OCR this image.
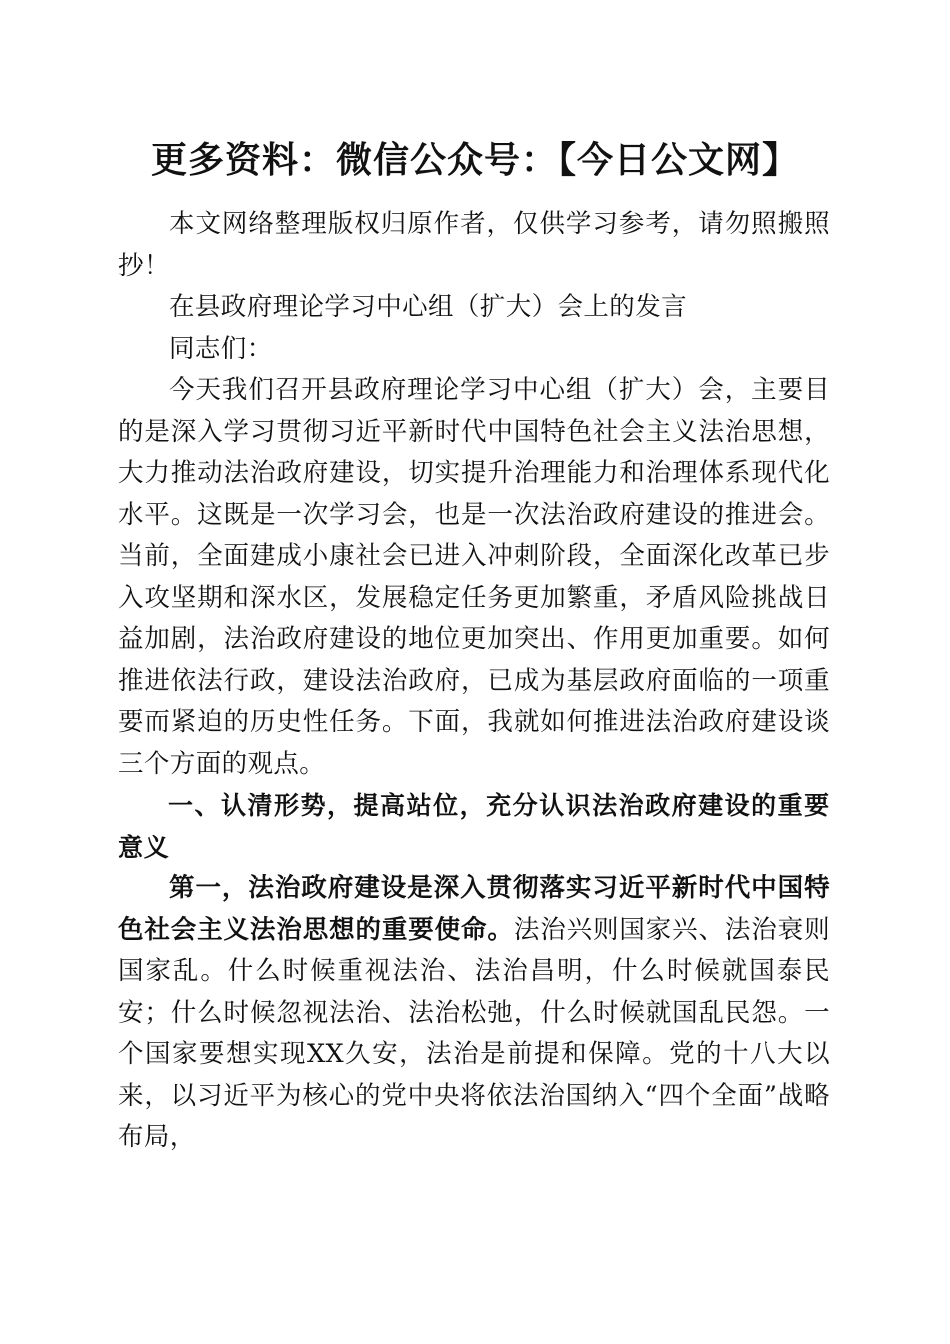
更多资料：微信公众号：【今日公文网】

本文网络整理版权归原作者，仅供学习参考，请勿照搬照抄！

在县政府理论学习中心组（扩大）会上的发言

同志们：

今天我们召开县政府理论学习中心组（扩大）会，主要目的是深入学习贯彻习近平新时代中国特色社会主义法治思想，大力推动法治政府建设，切实提升治理能力和治理体系现代化水平。这既是一次学习会，也是一次法治政府建设的推进会。当前，全面建成小康社会已进入冲刺阶段，全面深化改革已步入攻坚期和深水区，发展稳定任务更加繁重，矛盾风险挑战日益加剧，法治政府建设的地位更加突出、作用更加重要。如何推进依法行政，建设法治政府，已成为基层政府面临的一项重要而紧迫的历史性任务。下面，我就如何推进法治政府建设谈三个方面的观点。

一、认清形势，提高站位，充分认识法治政府建设的重要意义

第一，法治政府建设是深入贯彻落实习近平新时代中国特色社会主义法治思想的重要使命。法治兴则国家兴、法治衰则国家乱。什么时候重视法治、法治昌明，什么时候就国泰民安；什么时候忽视法治、法治松弛，什么时候就国乱民怨。一个国家要想实现XX久安，法治是前提和保障。党的十八大以来，以习近平为核心的党中央将依法治国纳入“四个全面”战略布局，
